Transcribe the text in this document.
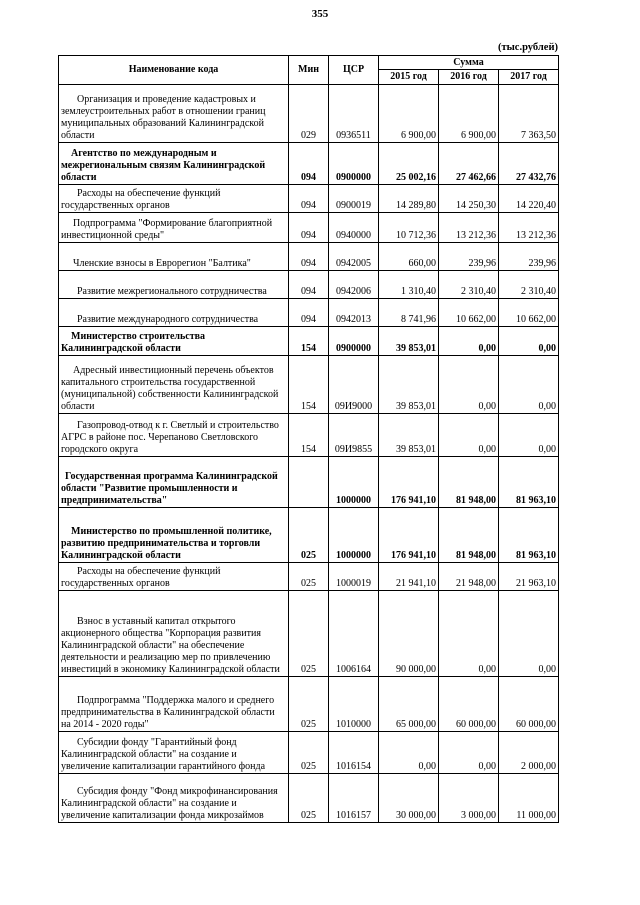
355
(тыс.рублей)
Наименование кода	Мин	ЦСР	Сумма		
			2015 год	2016 год	2017 год

Организация и проведение кадастровых и землеустроительных работ в отношении границ муниципальных образований Калининградской области	029	0936511	6 900,00	6 900,00	7 363,50

Агентство по международным и межрегиональным связям Калининградской области	094	0900000	25 002,16	27 462,66	27 432,76

Расходы на обеспечение функций государственных органов	094	0900019	14 289,80	14 250,30	14 220,40

Подпрограмма "Формирование благоприятной инвестиционной среды"	094	0940000	10 712,36	13 212,36	13 212,36

Членские взносы в Еврорегион "Балтика"	094	0942005	660,00	239,96	239,96

Развитие межрегионального сотрудничества	094	0942006	1 310,40	2 310,40	2 310,40

Развитие международного сотрудничества	094	0942013	8 741,96	10 662,00	10 662,00

Министерство строительства Калининградской области	154	0900000	39 853,01	0,00	0,00

Адресный инвестиционный перечень объектов капитального строительства государственной (муниципальной) собственности Калининградской области	154	09И9000	39 853,01	0,00	0,00

Газопровод-отвод к г. Светлый и строительство АГРС в районе пос. Черепаново Светловского городского округа	154	09И9855	39 853,01	0,00	0,00

Государственная программа Калининградской области "Развитие промышленности и предпринимательства"		1000000	176 941,10	81 948,00	81 963,10

Министерство по промышленной политике, развитию предпринимательства и торговли Калининградской области	025	1000000	176 941,10	81 948,00	81 963,10

Расходы на обеспечение функций государственных органов	025	1000019	21 941,10	21 948,00	21 963,10

Взнос в уставный капитал открытого акционерного общества "Корпорация развития Калининградской области" на обеспечение деятельности и реализацию мер по привлечению инвестиций в экономику Калининградской области	025	1006164	90 000,00	0,00	0,00

Подпрограмма "Поддержка малого и среднего предпринимательства в Калининградской области на 2014 - 2020 годы"	025	1010000	65 000,00	60 000,00	60 000,00

Субсидии фонду "Гарантийный фонд Калининградской области" на создание и увеличение капитализации гарантийного фонда	025	1016154	0,00	0,00	2 000,00

Субсидия фонду "Фонд микрофинансирования Калининградской области" на создание и увеличение капитализации фонда микрозаймов	025	1016157	30 000,00	3 000,00	11 000,00
